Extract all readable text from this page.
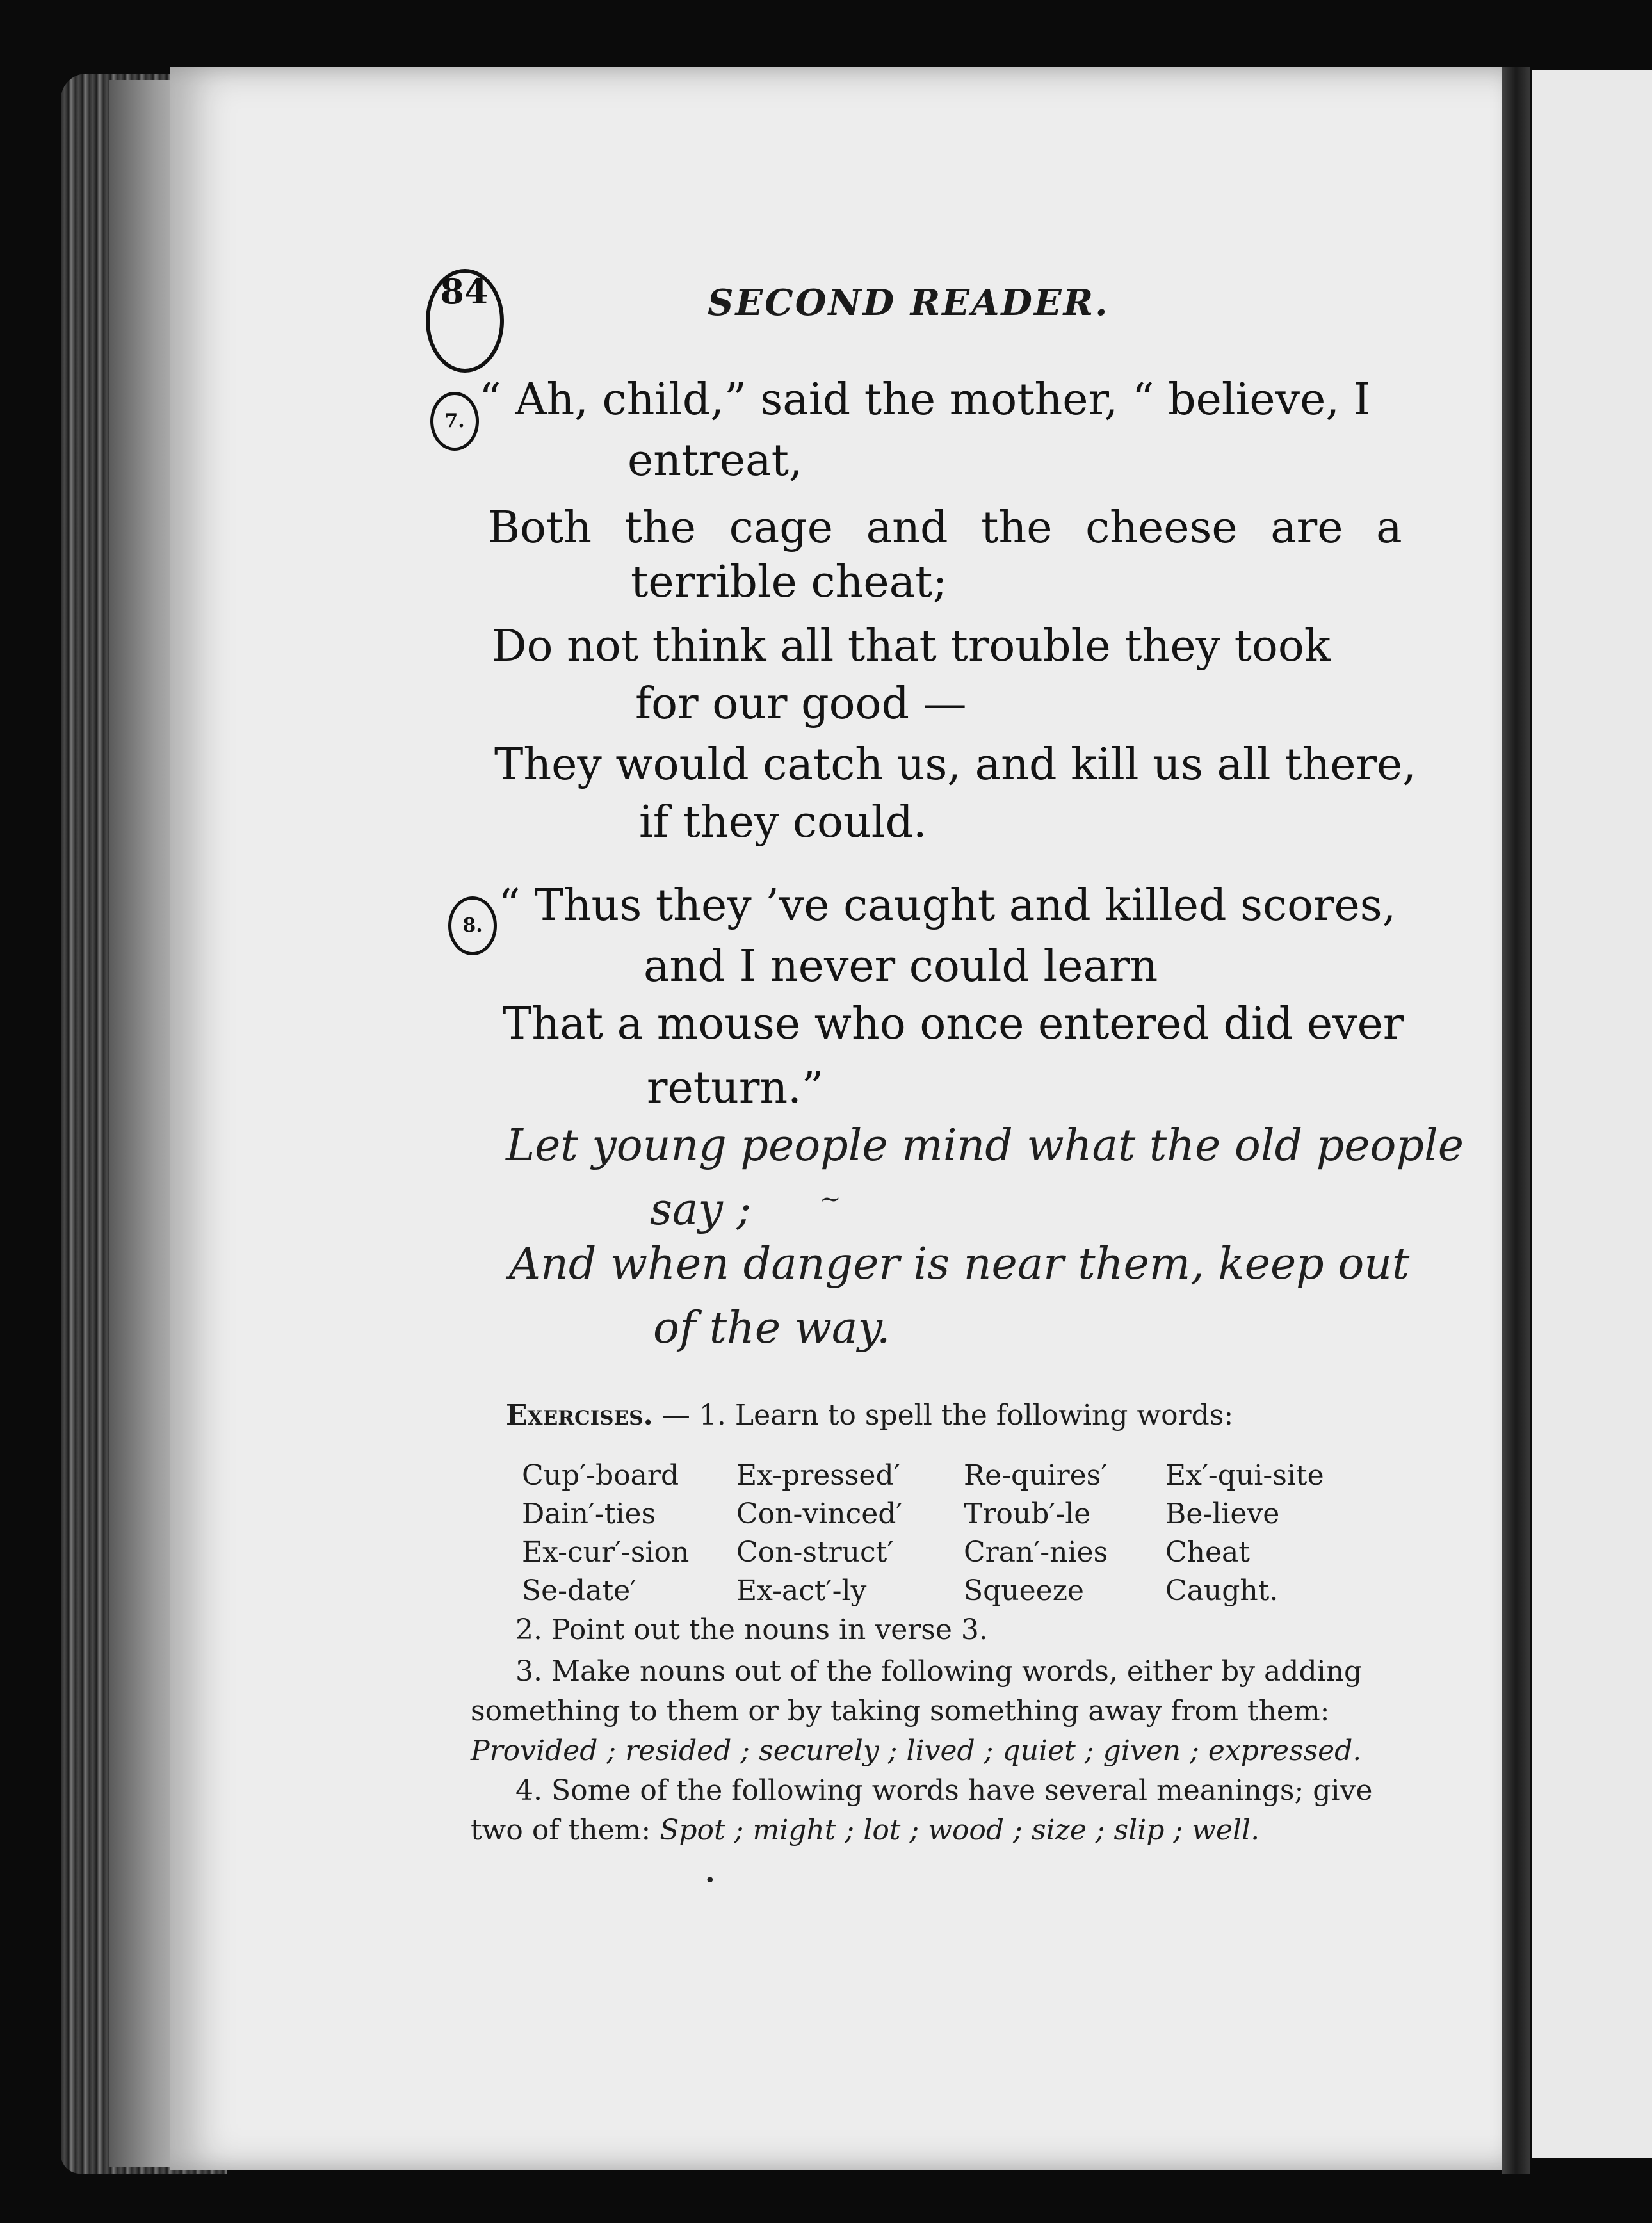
84	SECOND READER.
7. “ Ah, child,” said the mother, “ believe, I
entreat,
Both the cage and the cheese are a
terrible cheat;
Do not think all that trouble they took
for our good —
They would catch us, and kill us all there,
if they could.
8. “ Thus they ’ve caught and killed scores,
and I never could learn
That a mouse who once entered did ever
return.”
Let young people mind what the old people
say ;
And when danger is near them, keep out
of the way.
Exercises. — 1. Learn to spell the following words:
Cup′-board
Dain′-ties
Ex-cur′-sion
Se-date′
Ex-pressed′
Con-vinced′
Con-struct′
Ex-act′-ly
Re-quires′
Troub′-le
Cran′-nies
Squeeze
Ex′-qui-site
Be-lieve
Cheat
Caught.
2. Point out the nouns in verse 3.
3. Make nouns out of the following words, either by adding
something to them or by taking something away from them:
Provided ; resided ; securely ; lived ; quiet ; given ; expressed.
4. Some of the following words have several meanings; give
two of them: Spot ; might ; lot ; wood ; size ; slip ; well.
~
•
